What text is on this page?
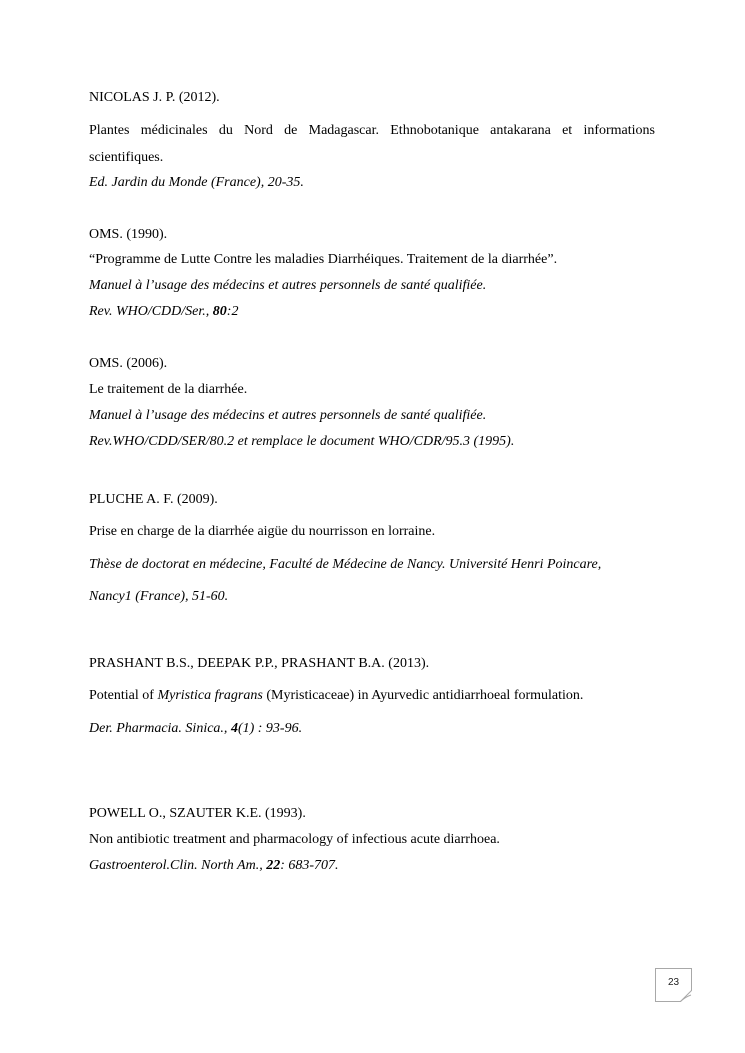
NICOLAS J. P. (2012).
Plantes médicinales du Nord de Madagascar. Ethnobotanique antakarana et informations
scientifiques.
Ed. Jardin du Monde (France), 20-35.
OMS. (1990).
“Programme de Lutte Contre les maladies Diarrhéiques. Traitement de la diarrhée”.
Manuel à l’usage des médecins et autres personnels de santé qualifiée.
Rev. WHO/CDD/Ser., 80:2
OMS. (2006).
Le traitement de la diarrhée.
Manuel à l’usage des médecins et autres personnels de santé qualifiée.
Rev.WHO/CDD/SER/80.2 et remplace le document WHO/CDR/95.3 (1995).
PLUCHE A. F. (2009).
Prise en charge de la diarrhée aigüe du nourrisson en lorraine.
Thèse de doctorat en médecine, Faculté de Médecine de Nancy. Université Henri Poincare,
Nancy1 (France), 51-60.
PRASHANT B.S., DEEPAK P.P., PRASHANT B.A. (2013).
Potential of Myristica fragrans (Myristicaceae) in Ayurvedic antidiarrhoeal formulation.
Der. Pharmacia. Sinica., 4(1) : 93-96.
POWELL O., SZAUTER K.E. (1993).
Non antibiotic treatment and pharmacology of infectious acute diarrhoea.
Gastroenterol.Clin. North Am., 22: 683-707.
23
